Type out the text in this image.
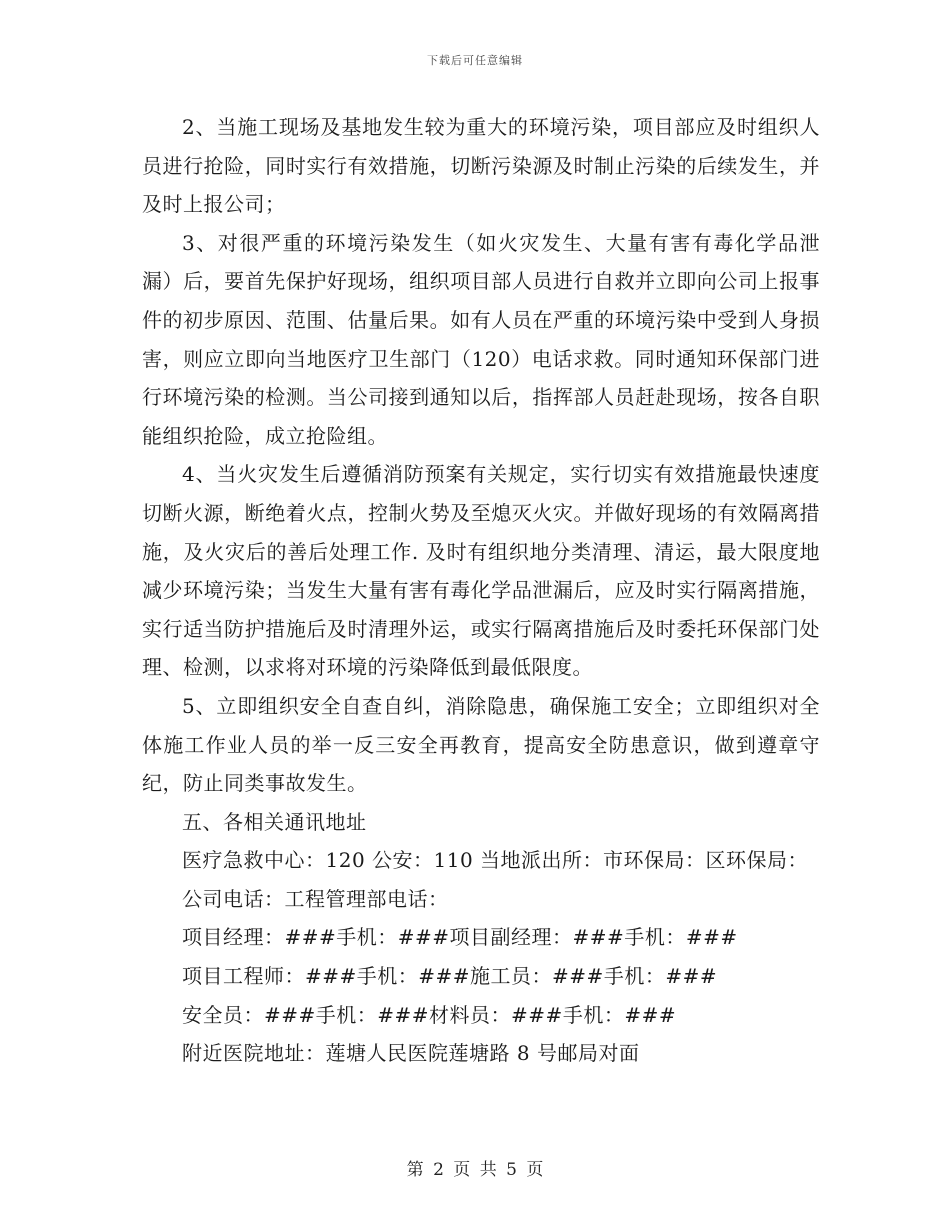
下载后可任意编辑

2、当施工现场及基地发生较为重大的环境污染，项目部应及时组织人员进行抢险，同时实行有效措施，切断污染源及时制止污染的后续发生，并及时上报公司；

3、对很严重的环境污染发生（如火灾发生、大量有害有毒化学品泄漏）后，要首先保护好现场，组织项目部人员进行自救并立即向公司上报事件的初步原因、范围、估量后果。如有人员在严重的环境污染中受到人身损害，则应立即向当地医疗卫生部门（120）电话求救。同时通知环保部门进行环境污染的检测。当公司接到通知以后，指挥部人员赶赴现场，按各自职能组织抢险，成立抢险组。

4、当火灾发生后遵循消防预案有关规定，实行切实有效措施最快速度切断火源，断绝着火点，控制火势及至熄灭火灾。并做好现场的有效隔离措施，及火灾后的善后处理工作. 及时有组织地分类清理、清运，最大限度地减少环境污染；当发生大量有害有毒化学品泄漏后，应及时实行隔离措施，实行适当防护措施后及时清理外运，或实行隔离措施后及时委托环保部门处理、检测，以求将对环境的污染降低到最低限度。

5、立即组织安全自查自纠，消除隐患，确保施工安全；立即组织对全体施工作业人员的举一反三安全再教育，提高安全防患意识，做到遵章守纪，防止同类事故发生。

五、各相关通讯地址

医疗急救中心：120 公安：110 当地派出所：市环保局：区环保局：

公司电话：工程管理部电话：

项目经理：###手机：###项目副经理：###手机：###

项目工程师：###手机：###施工员：###手机：###

安全员：###手机：###材料员：###手机：###

附近医院地址：莲塘人民医院莲塘路 8 号邮局对面

第 2 页 共 5 页
